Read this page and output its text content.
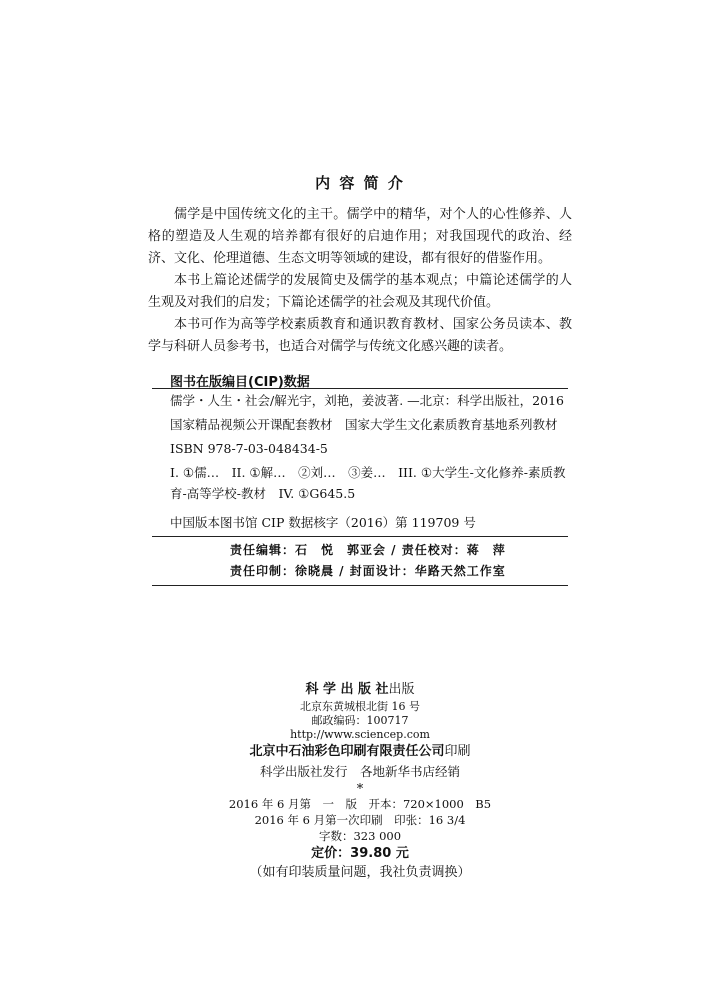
内 容 简 介

儒学是中国传统文化的主干。儒学中的精华，对个人的心性修养、人格的塑造及人生观的培养都有很好的启迪作用；对我国现代的政治、经济、文化、伦理道德、生态文明等领域的建设，都有很好的借鉴作用。

本书上篇论述儒学的发展简史及儒学的基本观点；中篇论述儒学的人生观及对我们的启发；下篇论述儒学的社会观及其现代价值。

本书可作为高等学校素质教育和通识教育教材、国家公务员读本、教学与科研人员参考书，也适合对儒学与传统文化感兴趣的读者。

图书在版编目(CIP)数据
儒学・人生・社会/解光宇，刘艳，姜波著. —北京：科学出版社，2016
国家精品视频公开课配套教材　国家大学生文化素质教育基地系列教材
ISBN 978-7-03-048434-5
I. ①儒…　II. ①解…　②刘…　③姜…　III. ①大学生-文化修养-素质教育-高等学校-教材　IV. ①G645.5
中国版本图书馆 CIP 数据核字（2016）第 119709 号
责任编辑：石　悦　郭亚会 / 责任校对：蒋　萍
责任印制：徐晓晨 / 封面设计：华路天然工作室
科 学 出 版 社出版
北京东黄城根北街 16 号
邮政编码：100717
http://www.sciencep.com
北京中石油彩色印刷有限责任公司印刷
科学出版社发行　各地新华书店经销
*
2016 年 6 月第　一　版　开本：720×1000　B5
2016 年 6 月第一次印刷　印张：16 3/4
字数：323 000
定价：39.80 元
（如有印装质量问题，我社负责调换）
